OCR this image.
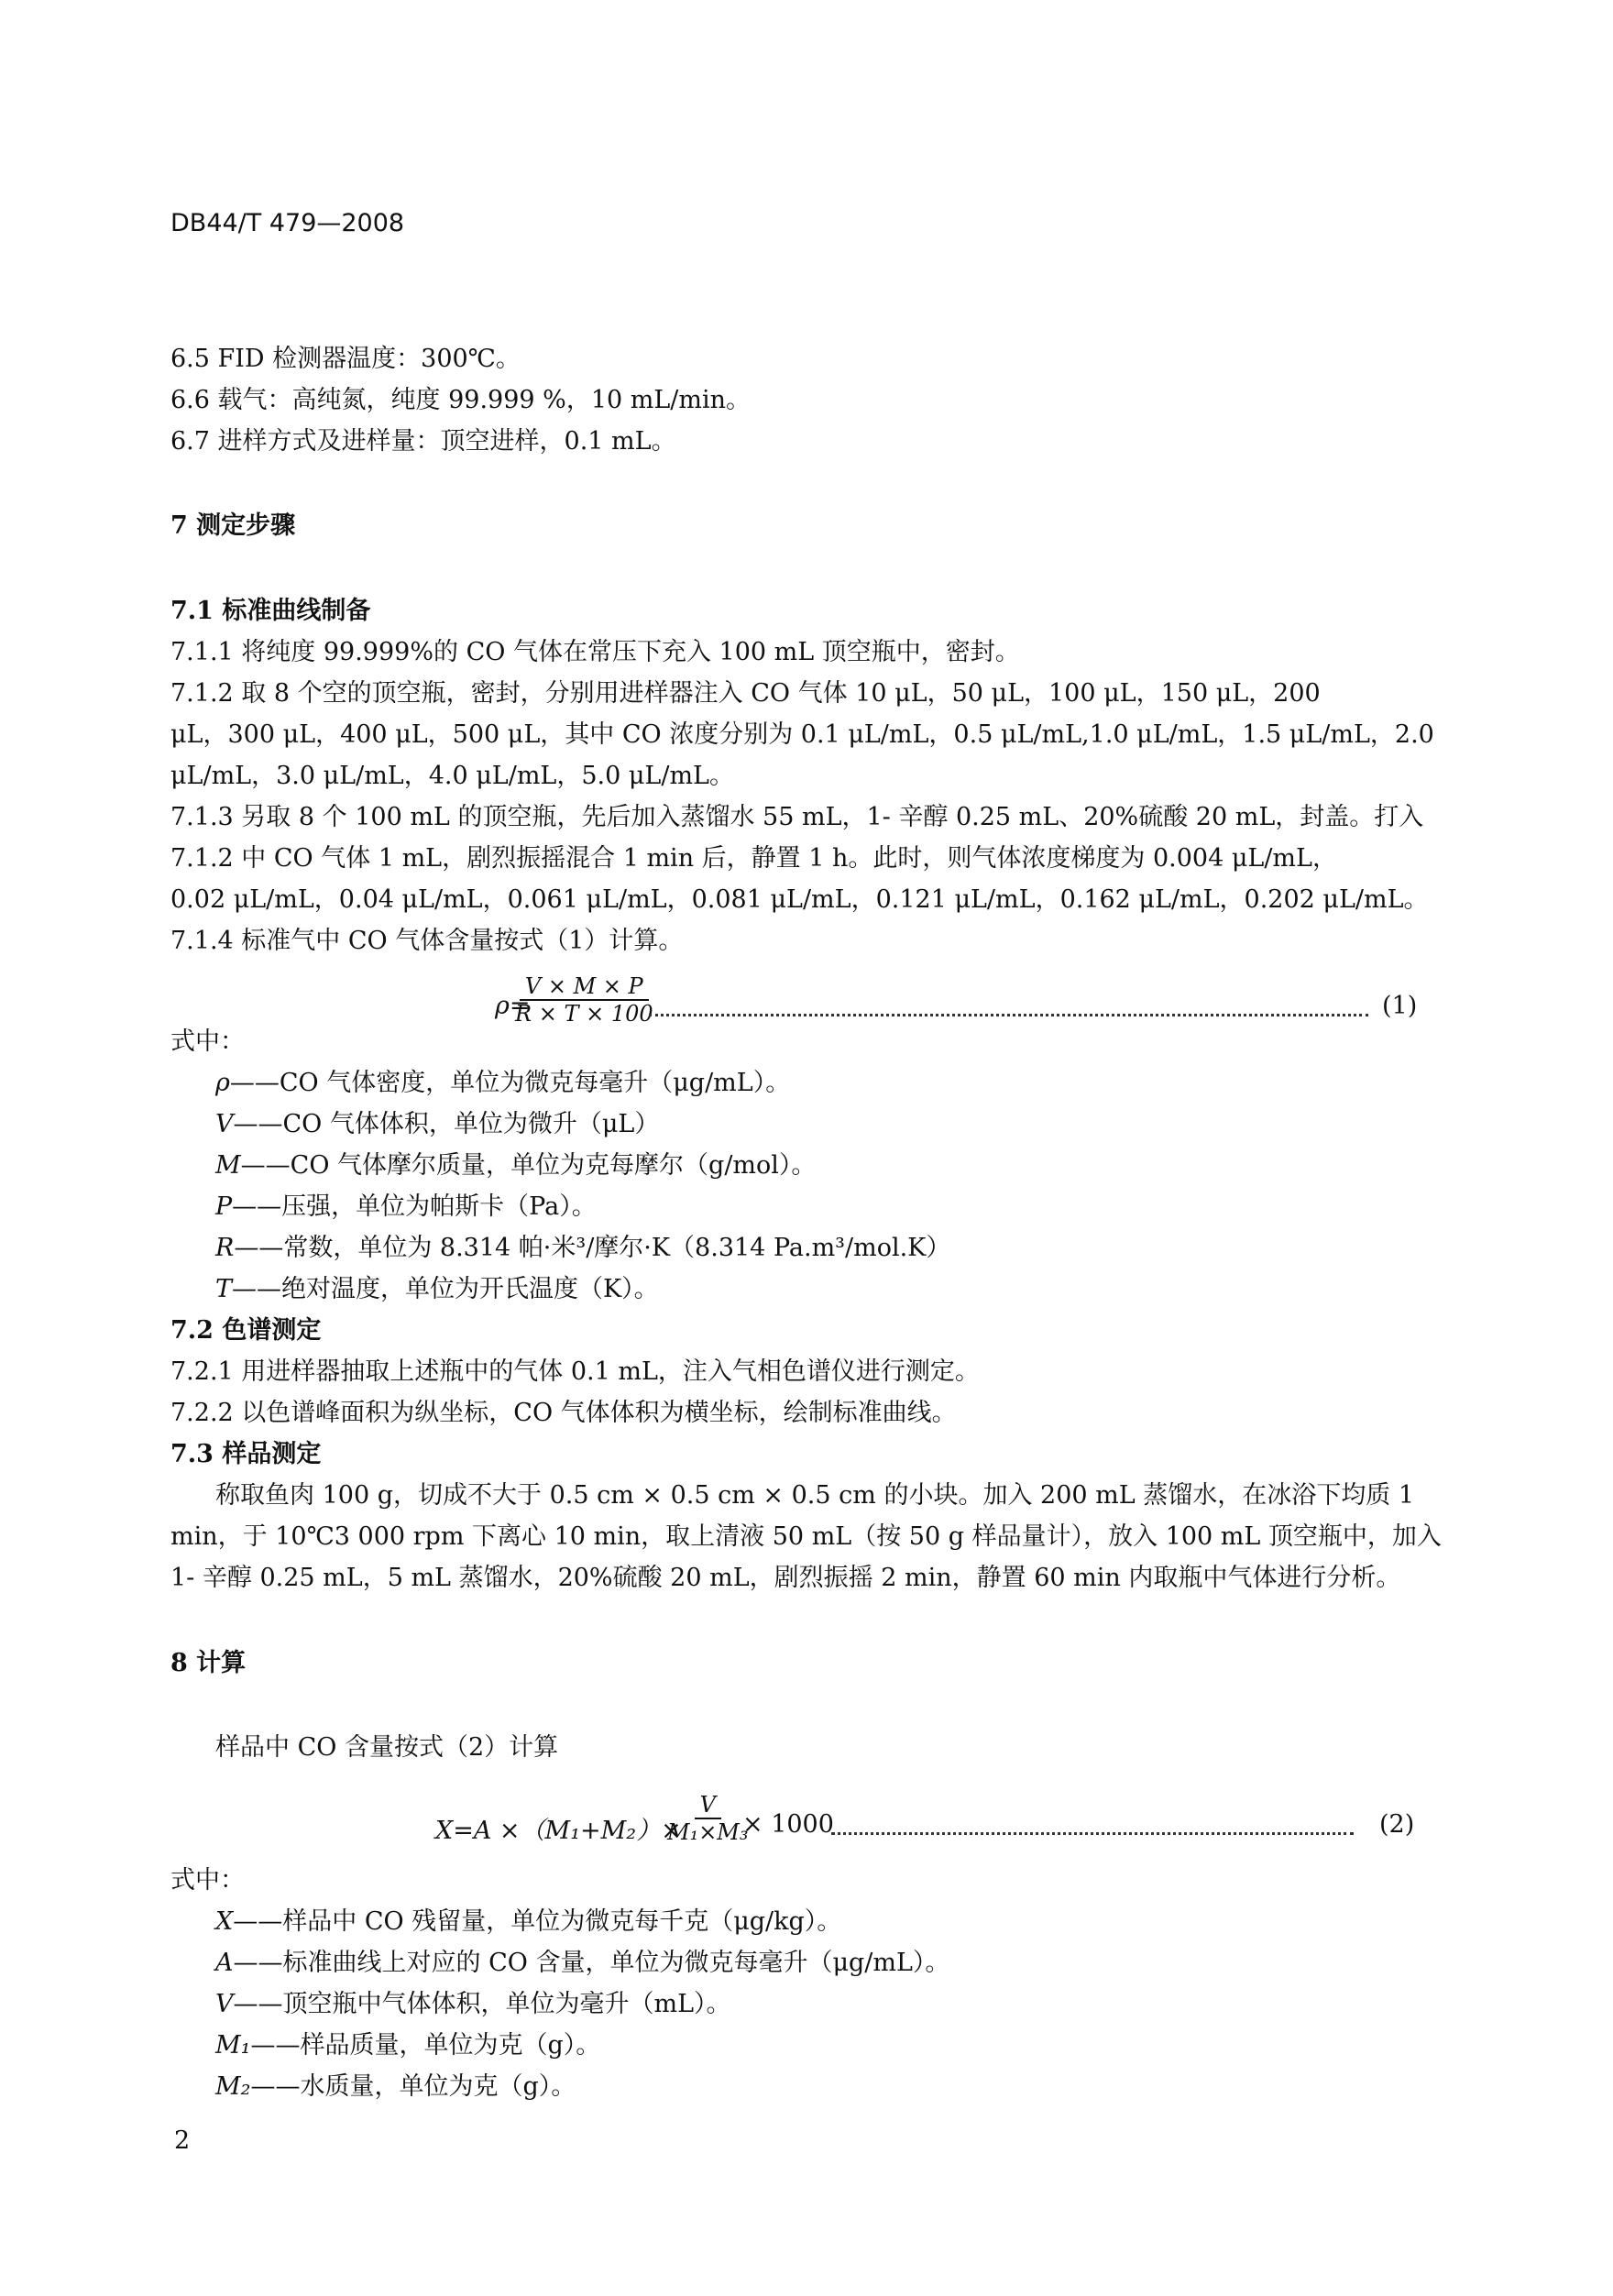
DB44/T 479—2008
6.5 FID 检测器温度：300℃。
6.6 载气：高纯氮，纯度 99.999 %，10 mL/min。
6.7 进样方式及进样量：顶空进样，0.1 mL。
7 测定步骤
7.1 标准曲线制备
7.1.1 将纯度 99.999%的 CO 气体在常压下充入 100 mL 顶空瓶中，密封。
7.1.2 取 8 个空的顶空瓶，密封，分别用进样器注入 CO 气体 10 μL，50 μL，100 μL，150 μL，200
μL，300 μL，400 μL，500 μL，其中 CO 浓度分别为 0.1 μL/mL，0.5 μL/mL,1.0 μL/mL，1.5 μL/mL，2.0
μL/mL，3.0 μL/mL，4.0 μL/mL，5.0 μL/mL。
7.1.3 另取 8 个 100 mL 的顶空瓶，先后加入蒸馏水 55 mL，1- 辛醇 0.25 mL、20%硫酸 20 mL，封盖。打入
7.1.2 中 CO 气体 1 mL，剧烈振摇混合 1 min 后，静置 1 h。此时，则气体浓度梯度为 0.004 μL/mL，
0.02 μL/mL，0.04 μL/mL，0.061 μL/mL，0.081 μL/mL，0.121 μL/mL，0.162 μL/mL，0.202 μL/mL。
7.1.4 标准气中 CO 气体含量按式（1）计算。
ρ=
$\frac{V \times M \times P}{R \times T \times 100}$	(1)
式中：
ρ——CO 气体密度，单位为微克每毫升（μg/mL）。
V——CO 气体体积，单位为微升（μL）
M——CO 气体摩尔质量，单位为克每摩尔（g/mol）。
P——压强，单位为帕斯卡（Pa）。
R——常数，单位为 8.314 帕·米³/摩尔·K（8.314 Pa.m³/mol.K）
T——绝对温度，单位为开氏温度（K）。
7.2 色谱测定
7.2.1 用进样器抽取上述瓶中的气体 0.1 mL，注入气相色谱仪进行测定。
7.2.2 以色谱峰面积为纵坐标，CO 气体体积为横坐标，绘制标准曲线。
7.3 样品测定
称取鱼肉 100 g，切成不大于 0.5 cm × 0.5 cm × 0.5 cm 的小块。加入 200 mL 蒸馏水，在冰浴下均质 1
min，于 10℃3 000 rpm 下离心 10 min，取上清液 50 mL（按 50 g 样品量计），放入 100 mL 顶空瓶中，加入
1- 辛醇 0.25 mL，5 mL 蒸馏水，20%硫酸 20 mL，剧烈振摇 2 min，静置 60 min 内取瓶中气体进行分析。
8 计算
样品中 CO 含量按式（2）计算
X=A ×（M₁+M₂）×
$\frac{V}{\text{M₁×M₃}}$
× 1000	(2)
式中：
X——样品中 CO 残留量，单位为微克每千克（μg/kg）。
A——标准曲线上对应的 CO 含量，单位为微克每毫升（μg/mL）。
V——顶空瓶中气体体积，单位为毫升（mL）。
M₁——样品质量，单位为克（g）。
M₂——水质量，单位为克（g）。
2
